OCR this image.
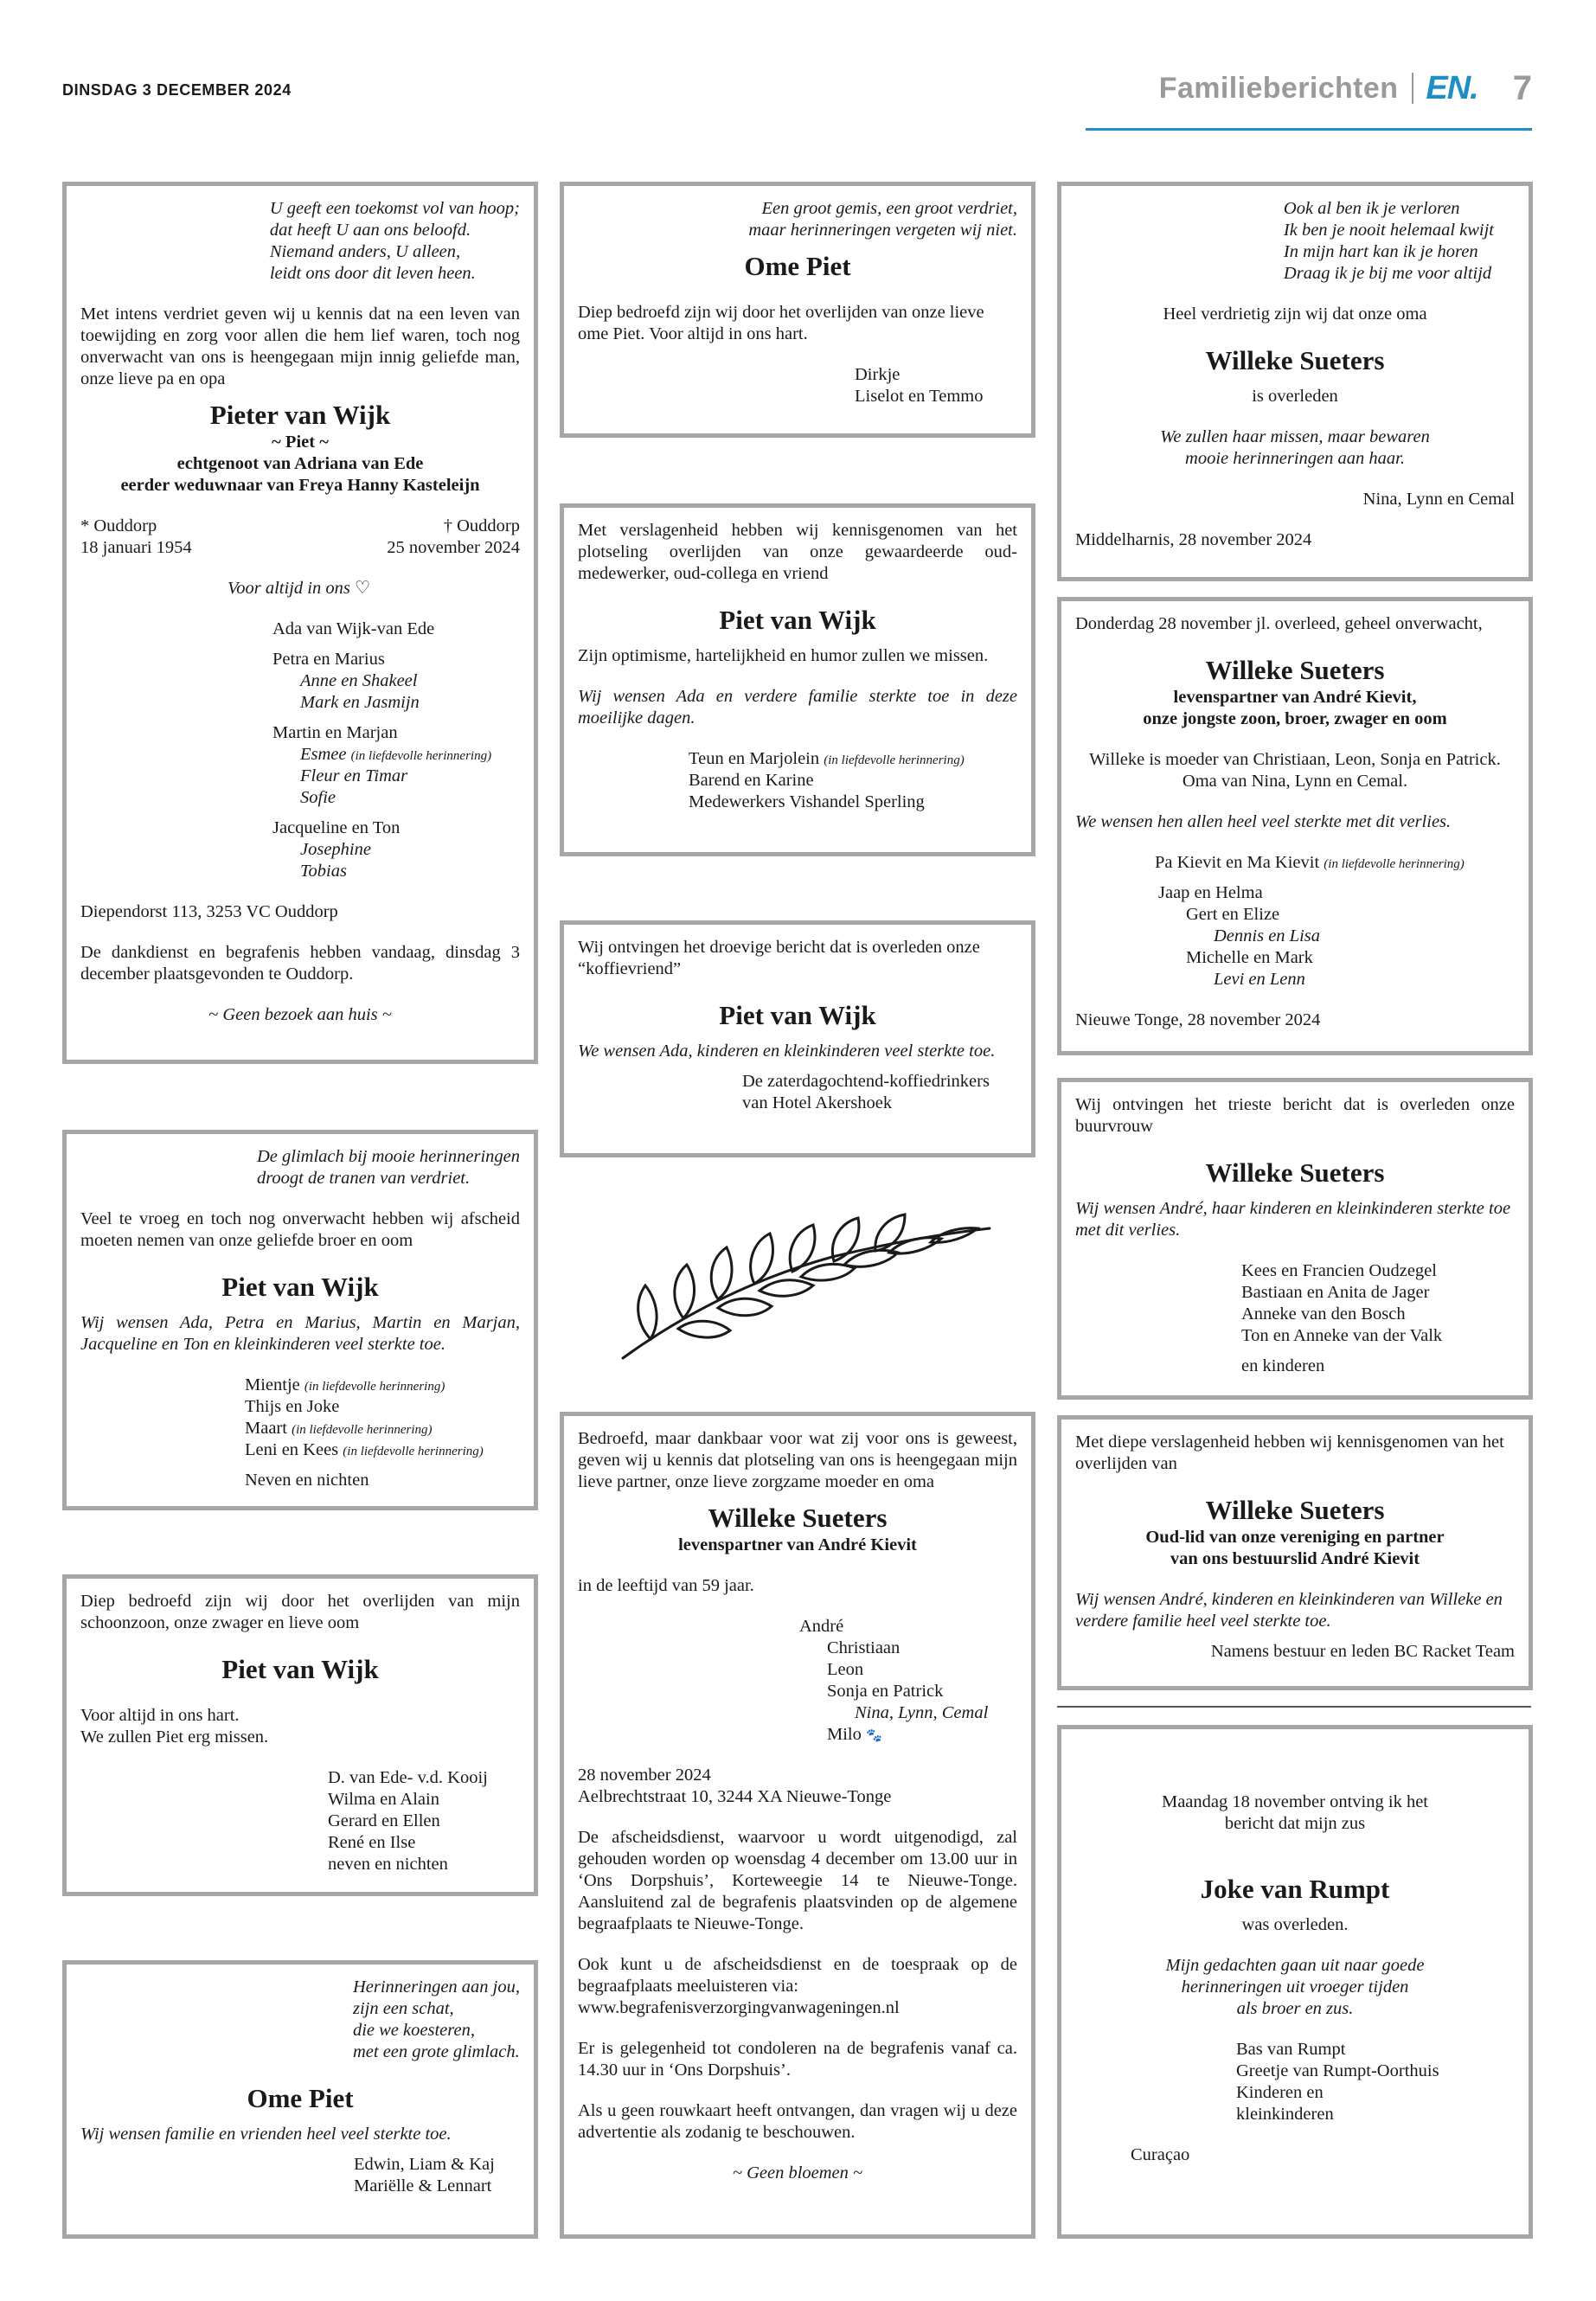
DINSDAG 3 DECEMBER 2024	Familieberichten EN. 7

U geeft een toekomst vol van hoop;

dat heeft U aan ons beloofd.

Niemand anders, U alleen,

leidt ons door dit leven heen.

Met intens verdriet geven wij u kennis dat na een leven van toewijding en zorg voor allen die hem lief waren, toch nog onverwacht van ons is heengegaan mijn innig geliefde man, onze lieve pa en opa

Pieter van Wijk

~ Piet ~

echtgenoot van Adriana van Ede

eerder weduwnaar van Freya Hanny Kasteleijn

* Ouddorp

18 januari 1954

† Ouddorp

25 november 2024

Voor altijd in ons ♡

Ada van Wijk-van Ede

Petra en Marius

Anne en Shakeel

Mark en Jasmijn

Martin en Marjan

Esmee (in liefdevolle herinnering)

Fleur en Timar

Sofie

Jacqueline en Ton

Josephine

Tobias

Diependorst 113, 3253 VC Ouddorp

De dankdienst en begrafenis hebben vandaag, dinsdag 3 december plaatsgevonden te Ouddorp.

~ Geen bezoek aan huis ~

De glimlach bij mooie herinneringen

droogt de tranen van verdriet.

Veel te vroeg en toch nog onverwacht hebben wij afscheid moeten nemen van onze geliefde broer en oom

Piet van Wijk

Wij wensen Ada, Petra en Marius, Martin en Marjan, Jacqueline en Ton en kleinkinderen veel sterkte toe.

Mientje (in liefdevolle herinnering)

Thijs en Joke

Maart (in liefdevolle herinnering)

Leni en Kees (in liefdevolle herinnering)

Neven en nichten

Diep bedroefd zijn wij door het overlijden van mijn schoonzoon, onze zwager en lieve oom

Piet van Wijk

Voor altijd in ons hart.

We zullen Piet erg missen.

D. van Ede- v.d. Kooij

Wilma en Alain

Gerard en Ellen

René en Ilse

neven en nichten

Herinneringen aan jou,

zijn een schat,

die we koesteren,

met een grote glimlach.

Ome Piet

Wij wensen familie en vrienden heel veel sterkte toe.

Edwin, Liam & Kaj

Mariëlle & Lennart

Een groot gemis, een groot verdriet,

maar herinneringen vergeten wij niet.

Ome Piet

Diep bedroefd zijn wij door het overlijden van onze lieve ome Piet. Voor altijd in ons hart.

Dirkje

Liselot en Temmo

Met verslagenheid hebben wij kennisgenomen van het plotseling overlijden van onze gewaardeerde oud-medewerker, oud-collega en vriend

Piet van Wijk

Zijn optimisme, hartelijkheid en humor zullen we missen.

Wij wensen Ada en verdere familie sterkte toe in deze moeilijke dagen.

Teun en Marjolein (in liefdevolle herinnering)

Barend en Karine

Medewerkers Vishandel Sperling

Wij ontvingen het droevige bericht dat is overleden onze “koffievriend”

Piet van Wijk

We wensen Ada, kinderen en kleinkinderen veel sterkte toe.

De zaterdagochtend-koffiedrinkers

van Hotel Akershoek

Bedroefd, maar dankbaar voor wat zij voor ons is geweest, geven wij u kennis dat plotseling van ons is heengegaan mijn lieve partner, onze lieve zorgzame moeder en oma

Willeke Sueters

levenspartner van André Kievit

in de leeftijd van 59 jaar.

André

Christiaan

Leon

Sonja en Patrick

Nina, Lynn, Cemal

Milo 🐾

28 november 2024

Aelbrechtstraat 10, 3244 XA Nieuwe-Tonge

De afscheidsdienst, waarvoor u wordt uitgenodigd, zal gehouden worden op woensdag 4 december om 13.00 uur in ‘Ons Dorpshuis’, Korteweegie 14 te Nieuwe-Tonge. Aansluitend zal de begrafenis plaatsvinden op de algemene begraafplaats te Nieuwe-Tonge.

Ook kunt u de afscheidsdienst en de toespraak op de begraafplaats meeluisteren via:

www.begrafenisverzorgingvanwageningen.nl

Er is gelegenheid tot condoleren na de begrafenis vanaf ca. 14.30 uur in ‘Ons Dorpshuis’.

Als u geen rouwkaart heeft ontvangen, dan vragen wij u deze advertentie als zodanig te beschouwen.

~ Geen bloemen ~

Ook al ben ik je verloren

Ik ben je nooit helemaal kwijt

In mijn hart kan ik je horen

Draag ik je bij me voor altijd

Heel verdrietig zijn wij dat onze oma

Willeke Sueters

is overleden

We zullen haar missen, maar bewaren

mooie herinneringen aan haar.

Nina, Lynn en Cemal

Middelharnis, 28 november 2024

Donderdag 28 november jl. overleed, geheel onverwacht,

Willeke Sueters

levenspartner van André Kievit,

onze jongste zoon, broer, zwager en oom

Willeke is moeder van Christiaan, Leon, Sonja en Patrick. Oma van Nina, Lynn en Cemal.

We wensen hen allen heel veel sterkte met dit verlies.

Pa Kievit en Ma Kievit (in liefdevolle herinnering)

Jaap en Helma

Gert en Elize

Dennis en Lisa

Michelle en Mark

Levi en Lenn

Nieuwe Tonge, 28 november 2024

Wij ontvingen het trieste bericht dat is overleden onze buurvrouw

Willeke Sueters

Wij wensen André, haar kinderen en kleinkinderen sterkte toe met dit verlies.

Kees en Francien Oudzegel

Bastiaan en Anita de Jager

Anneke van den Bosch

Ton en Anneke van der Valk

en kinderen

Met diepe verslagenheid hebben wij kennisgenomen van het overlijden van

Willeke Sueters

Oud-lid van onze vereniging en partner

van ons bestuurslid André Kievit

Wij wensen André, kinderen en kleinkinderen van Willeke en verdere familie heel veel sterkte toe.

Namens bestuur en leden BC Racket Team

Maandag 18 november ontving ik het

bericht dat mijn zus

Joke van Rumpt

was overleden.

Mijn gedachten gaan uit naar goede

herinneringen uit vroeger tijden

als broer en zus.

Bas van Rumpt

Greetje van Rumpt-Oorthuis

Kinderen en

kleinkinderen

Curaçao
